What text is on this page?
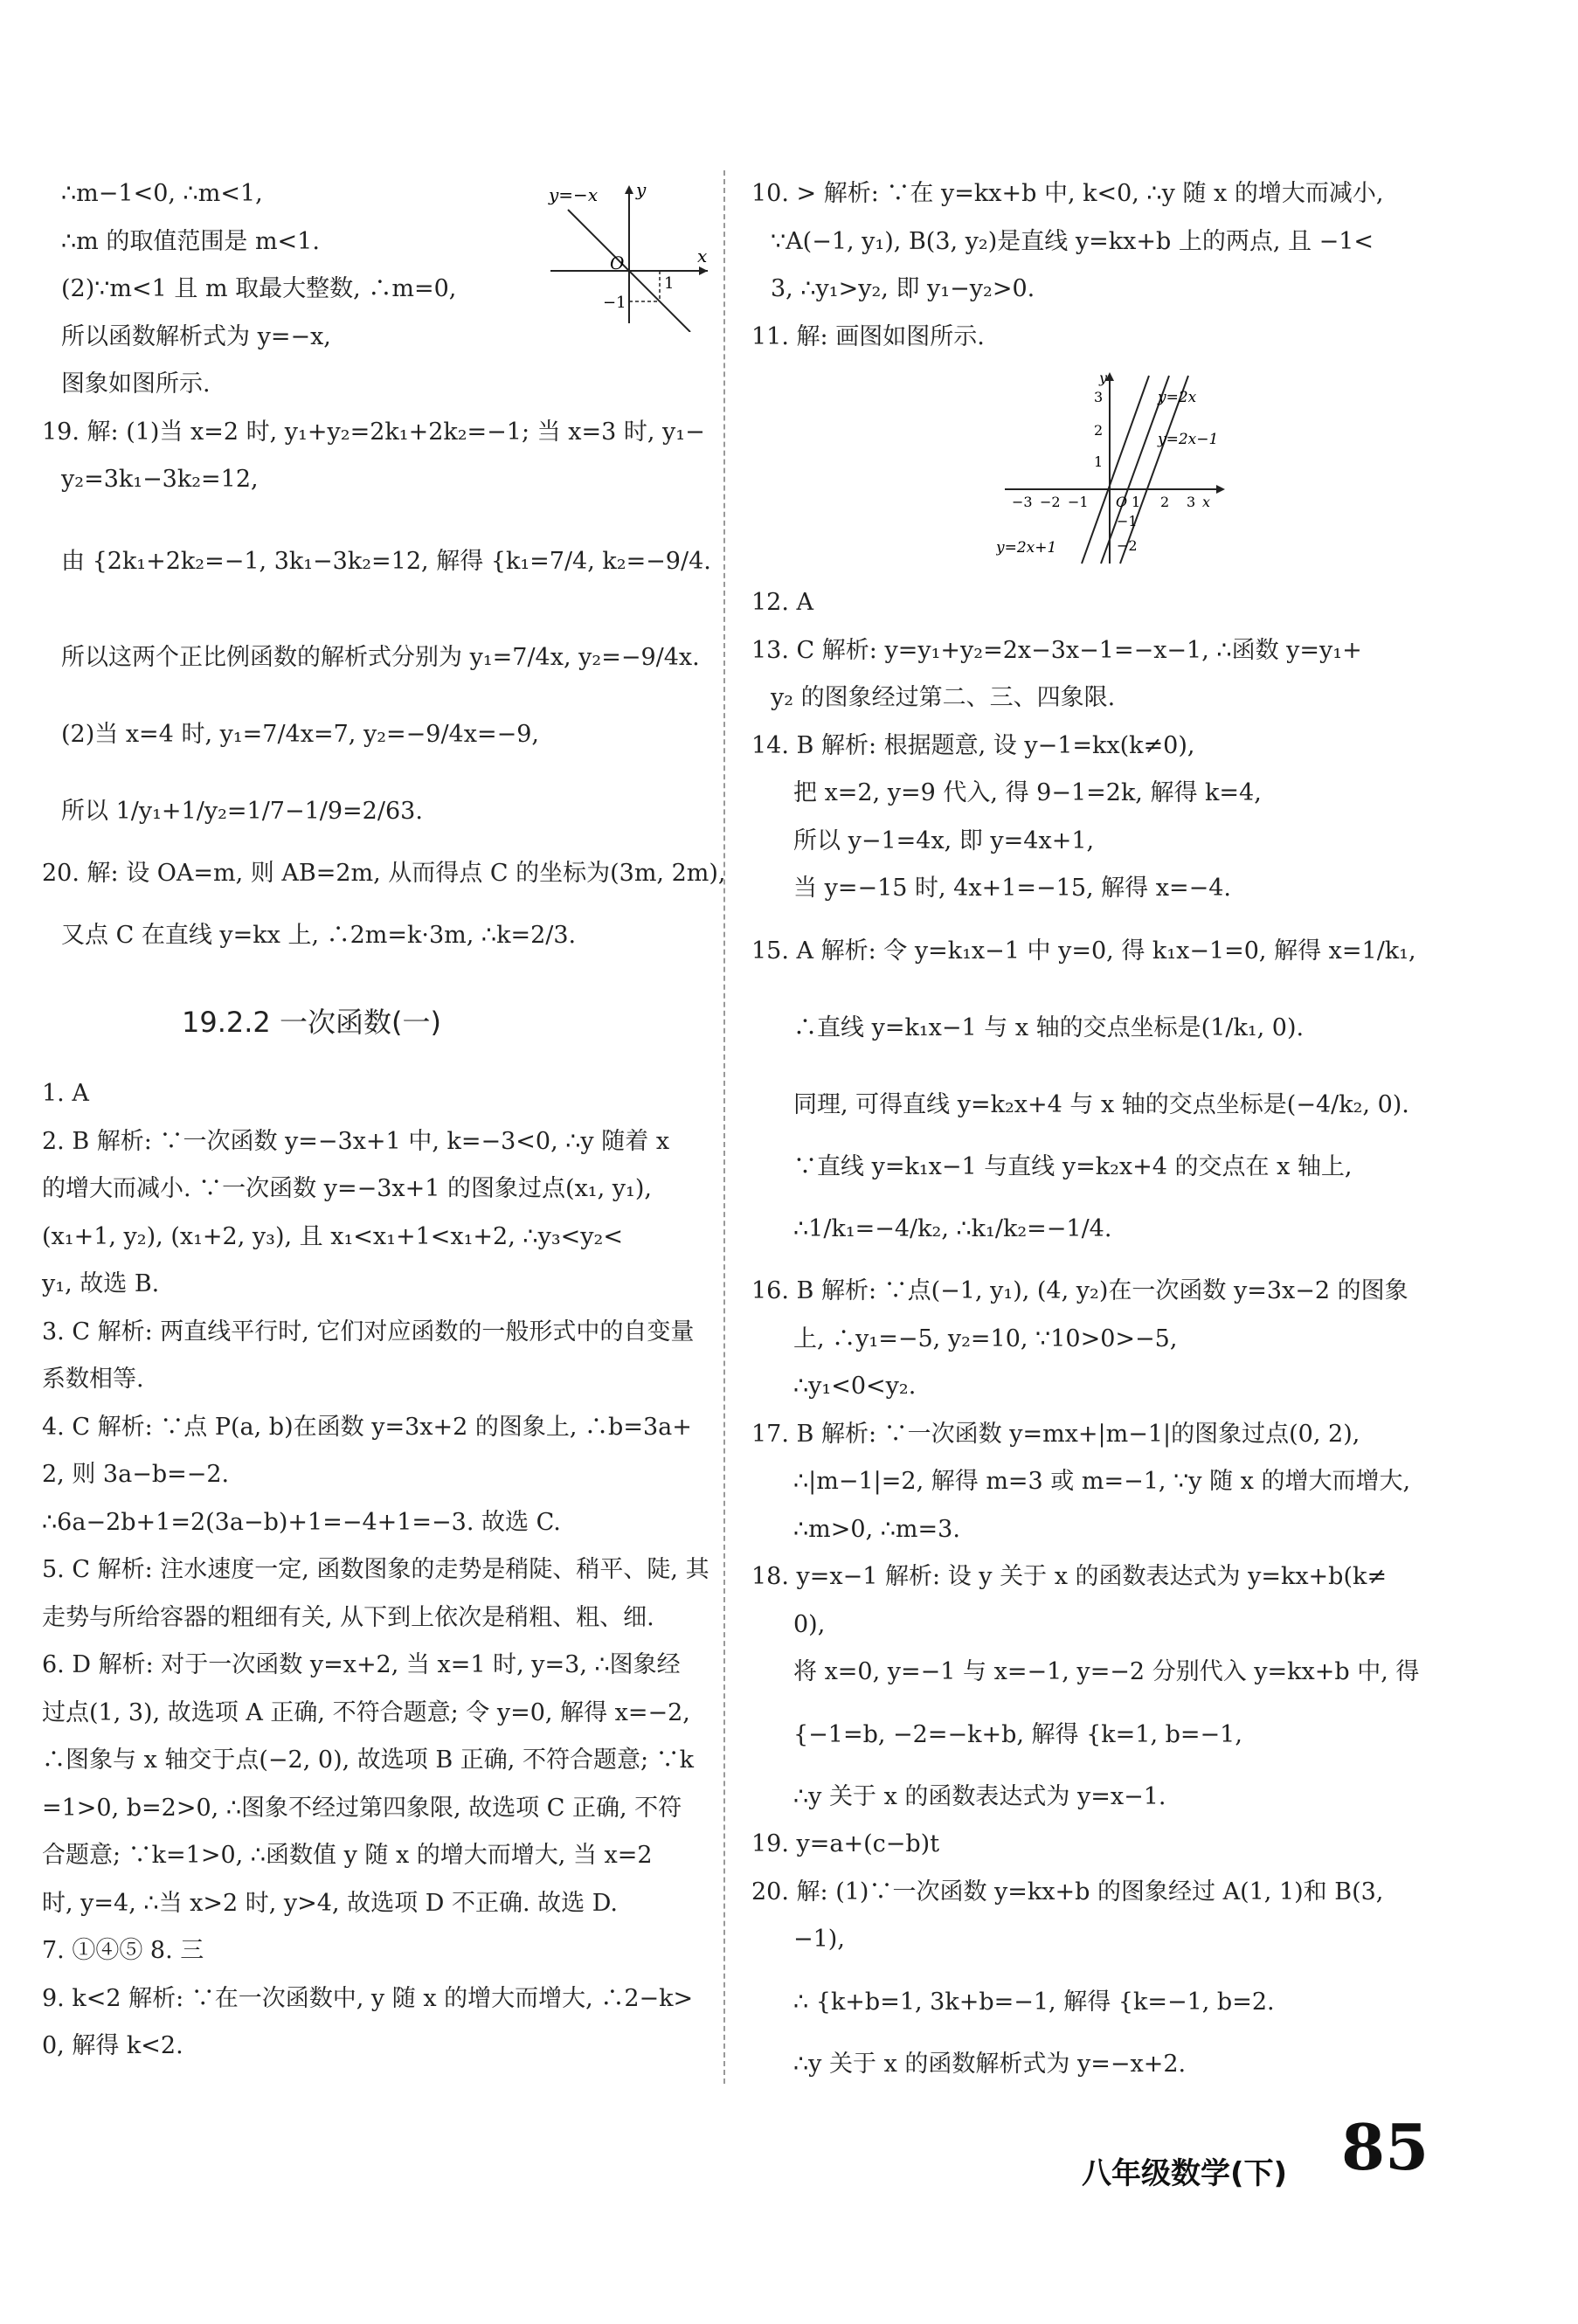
∴m−1<0, ∴m<1,
∴m 的取值范围是 m<1.
(2)∵m<1 且 m 取最大整数, ∴m=0,
所以函数解析式为 y=−x,
图象如图所示.
19. 解: (1)当 x=2 时, y₁+y₂=2k₁+2k₂=−1; 当 x=3 时, y₁−
y₂=3k₁−3k₂=12,
由 {2k₁+2k₂=−1, 3k₁−3k₂=12, 解得 {k₁=7/4, k₂=−9/4.
所以这两个正比例函数的解析式分别为 y₁=7/4x, y₂=−9/4x.
(2)当 x=4 时, y₁=7/4x=7, y₂=−9/4x=−9,
所以 1/y₁+1/y₂=1/7−1/9=2/63.
20. 解: 设 OA=m, 则 AB=2m, 从而得点 C 的坐标为(3m, 2m),
又点 C 在直线 y=kx 上, ∴2m=k·3m, ∴k=2/3.
19.2.2 一次函数(一)
1. A
2. B 解析: ∵一次函数 y=−3x+1 中, k=−3<0, ∴y 随着 x
的增大而减小. ∵一次函数 y=−3x+1 的图象过点(x₁, y₁),
(x₁+1, y₂), (x₁+2, y₃), 且 x₁<x₁+1<x₁+2, ∴y₃<y₂<
y₁, 故选 B.
3. C 解析: 两直线平行时, 它们对应函数的一般形式中的自变量
系数相等.
4. C 解析: ∵点 P(a, b)在函数 y=3x+2 的图象上, ∴b=3a+
2, 则 3a−b=−2.
∴6a−2b+1=2(3a−b)+1=−4+1=−3. 故选 C.
5. C 解析: 注水速度一定, 函数图象的走势是稍陡、稍平、陡, 其
走势与所给容器的粗细有关, 从下到上依次是稍粗、粗、细.
6. D 解析: 对于一次函数 y=x+2, 当 x=1 时, y=3, ∴图象经
过点(1, 3), 故选项 A 正确, 不符合题意; 令 y=0, 解得 x=−2,
∴图象与 x 轴交于点(−2, 0), 故选项 B 正确, 不符合题意; ∵k
=1>0, b=2>0, ∴图象不经过第四象限, 故选项 C 正确, 不符
合题意; ∵k=1>0, ∴函数值 y 随 x 的增大而增大, 当 x=2
时, y=4, ∴当 x>2 时, y>4, 故选项 D 不正确. 故选 D.
7. ①④⑤ 8. 三
9. k<2 解析: ∵在一次函数中, y 随 x 的增大而增大, ∴2−k>
0, 解得 k<2.
y=−x y
O
1
x
−1
10. > 解析: ∵在 y=kx+b 中, k<0, ∴y 随 x 的增大而减小,
∵A(−1, y₁), B(3, y₂)是直线 y=kx+b 上的两点, 且 −1<
3, ∴y₁>y₂, 即 y₁−y₂>0.
11. 解: 画图如图所示.
12. A
13. C 解析: y=y₁+y₂=2x−3x−1=−x−1, ∴函数 y=y₁+
y₂ 的图象经过第二、三、四象限.
14. B 解析: 根据题意, 设 y−1=kx(k≠0),
把 x=2, y=9 代入, 得 9−1=2k, 解得 k=4,
所以 y−1=4x, 即 y=4x+1,
当 y=−15 时, 4x+1=−15, 解得 x=−4.
15. A 解析: 令 y=k₁x−1 中 y=0, 得 k₁x−1=0, 解得 x=1/k₁,
∴直线 y=k₁x−1 与 x 轴的交点坐标是(1/k₁, 0).
同理, 可得直线 y=k₂x+4 与 x 轴的交点坐标是(−4/k₂, 0).
∵直线 y=k₁x−1 与直线 y=k₂x+4 的交点在 x 轴上,
∴1/k₁=−4/k₂, ∴k₁/k₂=−1/4.
16. B 解析: ∵点(−1, y₁), (4, y₂)在一次函数 y=3x−2 的图象
上, ∴y₁=−5, y₂=10, ∵10>0>−5,
∴y₁<0<y₂.
17. B 解析: ∵一次函数 y=mx+|m−1|的图象过点(0, 2),
∴|m−1|=2, 解得 m=3 或 m=−1, ∵y 随 x 的增大而增大,
∴m>0, ∴m=3.
18. y=x−1 解析: 设 y 关于 x 的函数表达式为 y=kx+b(k≠
0),
将 x=0, y=−1 与 x=−1, y=−2 分别代入 y=kx+b 中, 得
{−1=b, −2=−k+b, 解得 {k=1, b=−1,
∴y 关于 x 的函数表达式为 y=x−1.
19. y=a+(c−b)t
20. 解: (1)∵一次函数 y=kx+b 的图象经过 A(1, 1)和 B(3,
−1),
∴ {k+b=1, 3k+b=−1, 解得 {k=−1, b=2.
∴y 关于 x 的函数解析式为 y=−x+2.
y
3
2
1
−3 −2 −1 O 1 2 3 x
−1
−2
y=2x
y=2x−1
y=2x+1
八年级数学(下) 85
